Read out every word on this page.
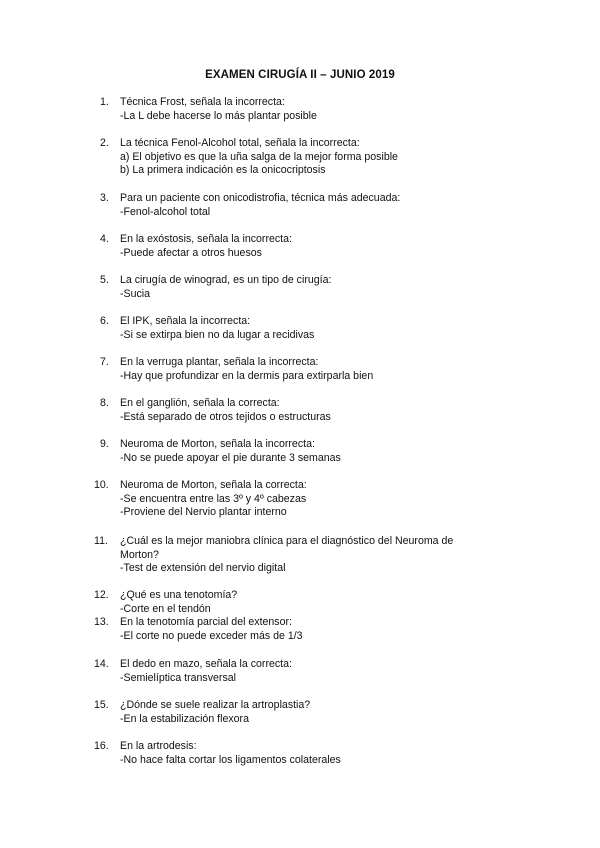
EXAMEN CIRUGÍA II – JUNIO 2019
1. Técnica Frost, señala la incorrecta:
-La L debe hacerse lo más plantar posible
2. La técnica Fenol-Alcohol total, señala la incorrecta:
a) El objetivo es que la uña salga de la mejor forma posible
b) La primera indicación es la onicocriptosis
3. Para un paciente con onicodistrofia, técnica más adecuada:
-Fenol-alcohol total
4. En la exóstosis, señala la incorrecta:
-Puede afectar a otros huesos
5. La cirugía de winograd, es un tipo de cirugía:
-Sucia
6. El IPK, señala la incorrecta:
-Si se extirpa bien no da lugar a recidivas
7. En la verruga plantar, señala la incorrecta:
-Hay que profundizar en la dermis para extirparla bien
8. En el ganglión, señala la correcta:
-Está separado de otros tejidos o estructuras
9. Neuroma de Morton, señala la incorrecta:
-No se puede apoyar el pie durante 3 semanas
10. Neuroma de Morton, señala la correcta:
-Se encuentra entre las 3º y 4º cabezas
-Proviene del Nervio plantar interno
11. ¿Cuál es la mejor maniobra clínica para el diagnóstico del Neuroma de
Morton?
-Test de extensión del nervio digital
12. ¿Qué es una tenotomía?
-Corte en el tendón
13. En la tenotomía parcial del extensor:
-El corte no puede exceder más de 1/3
14. El dedo en mazo, señala la correcta:
-Semielíptica transversal
15. ¿Dónde se suele realizar la artroplastia?
-En la estabilización flexora
16. En la artrodesis:
-No hace falta cortar los ligamentos colaterales
